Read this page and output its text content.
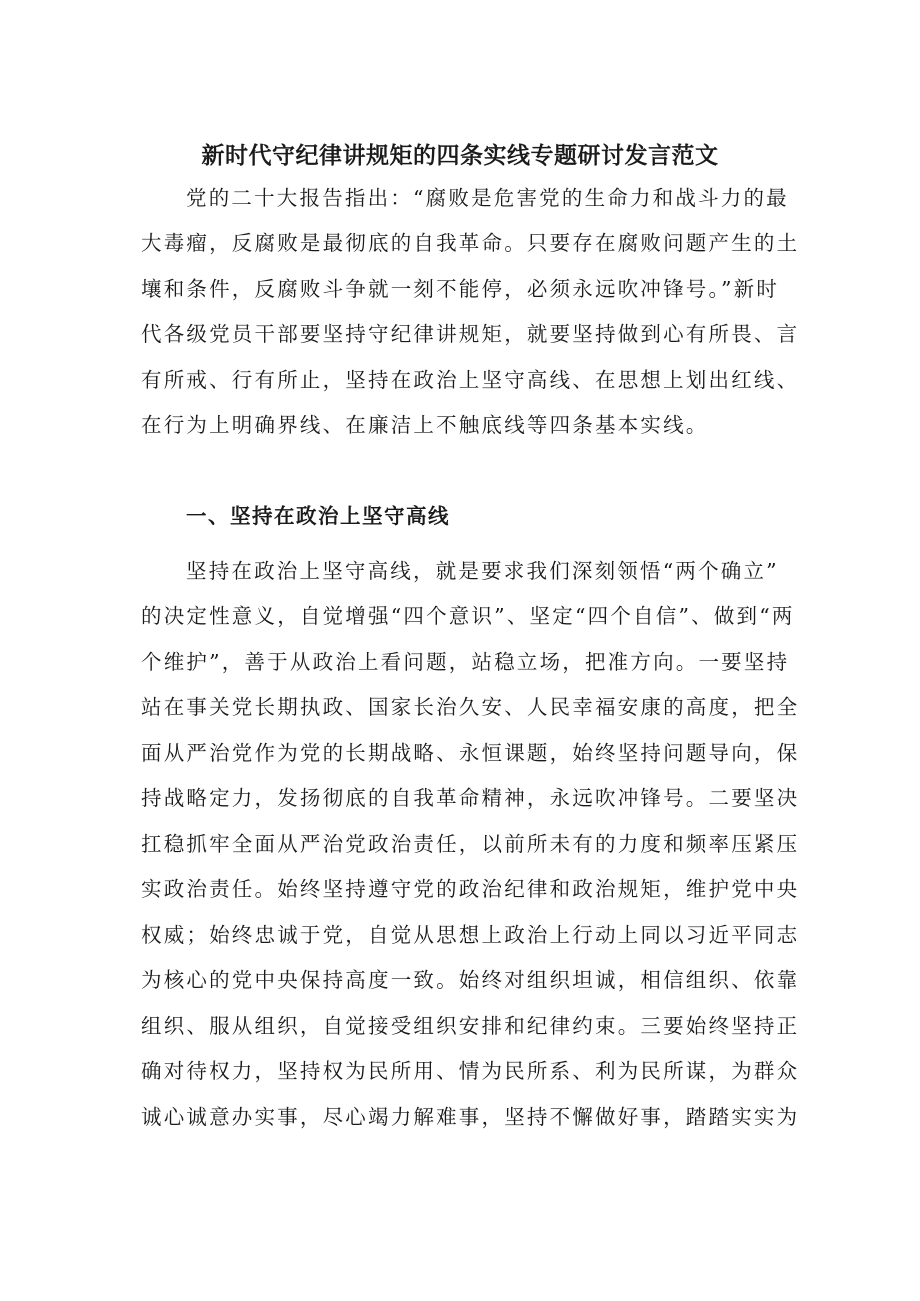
新时代守纪律讲规矩的四条实线专题研讨发言范文
党的二十大报告指出：“腐败是危害党的生命力和战斗力的最
大毒瘤，反腐败是最彻底的自我革命。只要存在腐败问题产生的土
壤和条件，反腐败斗争就一刻不能停，必须永远吹冲锋号。”新时
代各级党员干部要坚持守纪律讲规矩，就要坚持做到心有所畏、言
有所戒、行有所止，坚持在政治上坚守高线、在思想上划出红线、
在行为上明确界线、在廉洁上不触底线等四条基本实线。
一、坚持在政治上坚守高线
坚持在政治上坚守高线，就是要求我们深刻领悟“两个确立”
的决定性意义，自觉增强“四个意识”、坚定“四个自信”、做到“两
个维护”，善于从政治上看问题，站稳立场，把准方向。一要坚持
站在事关党长期执政、国家长治久安、人民幸福安康的高度，把全
面从严治党作为党的长期战略、永恒课题，始终坚持问题导向，保
持战略定力，发扬彻底的自我革命精神，永远吹冲锋号。二要坚决
扛稳抓牢全面从严治党政治责任，以前所未有的力度和频率压紧压
实政治责任。始终坚持遵守党的政治纪律和政治规矩，维护党中央
权威；始终忠诚于党，自觉从思想上政治上行动上同以习近平同志
为核心的党中央保持高度一致。始终对组织坦诚，相信组织、依靠
组织、服从组织，自觉接受组织安排和纪律约束。三要始终坚持正
确对待权力，坚持权为民所用、情为民所系、利为民所谋，为群众
诚心诚意办实事，尽心竭力解难事，坚持不懈做好事，踏踏实实为
